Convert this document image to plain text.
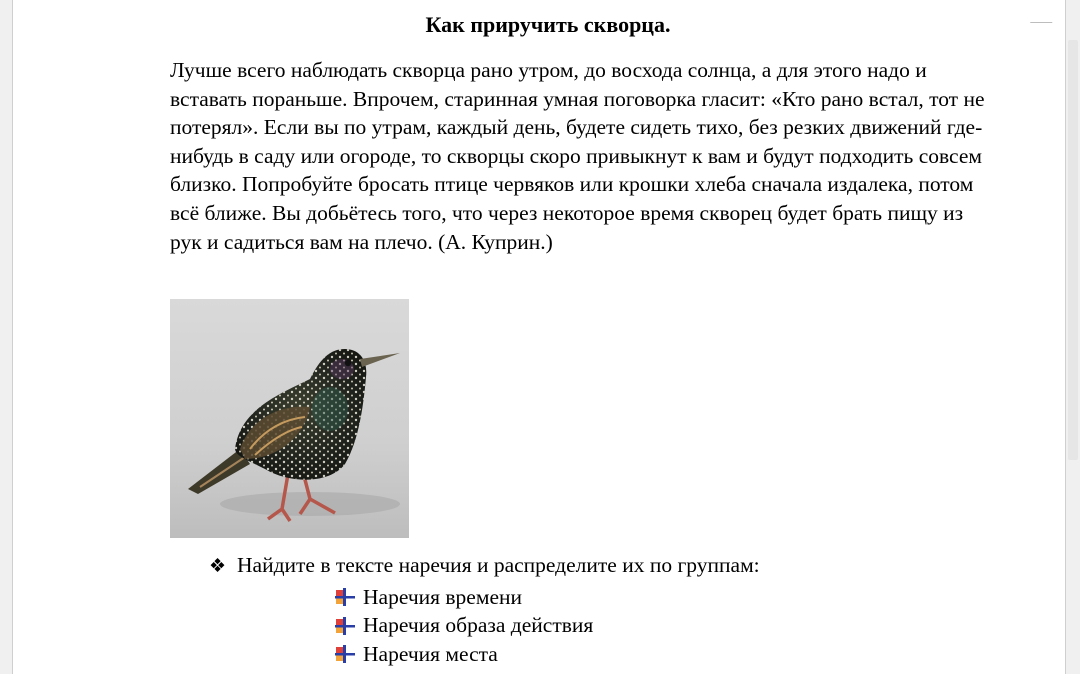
Как приручить скворца.

Лучше всего наблюдать скворца рано утром, до восхода солнца, а для этого надо и вставать пораньше. Впрочем, старинная умная поговорка гласит: «Кто рано встал, тот не потерял». Если вы по утрам, каждый день, будете сидеть тихо, без резких движений где-нибудь в саду или огороде, то скворцы скоро привыкнут к вам и будут подходить совсем близко. Попробуйте бросать птице червяков или крошки хлеба сначала издалека, потом всё ближе. Вы добьётесь того, что через некоторое время скворец будет брать пищу из рук и садиться вам на плечо. (А. Куприн.)

❖ Найдите в тексте наречия и распределите их по группам:
Наречия времени
Наречия образа действия
Наречия места
